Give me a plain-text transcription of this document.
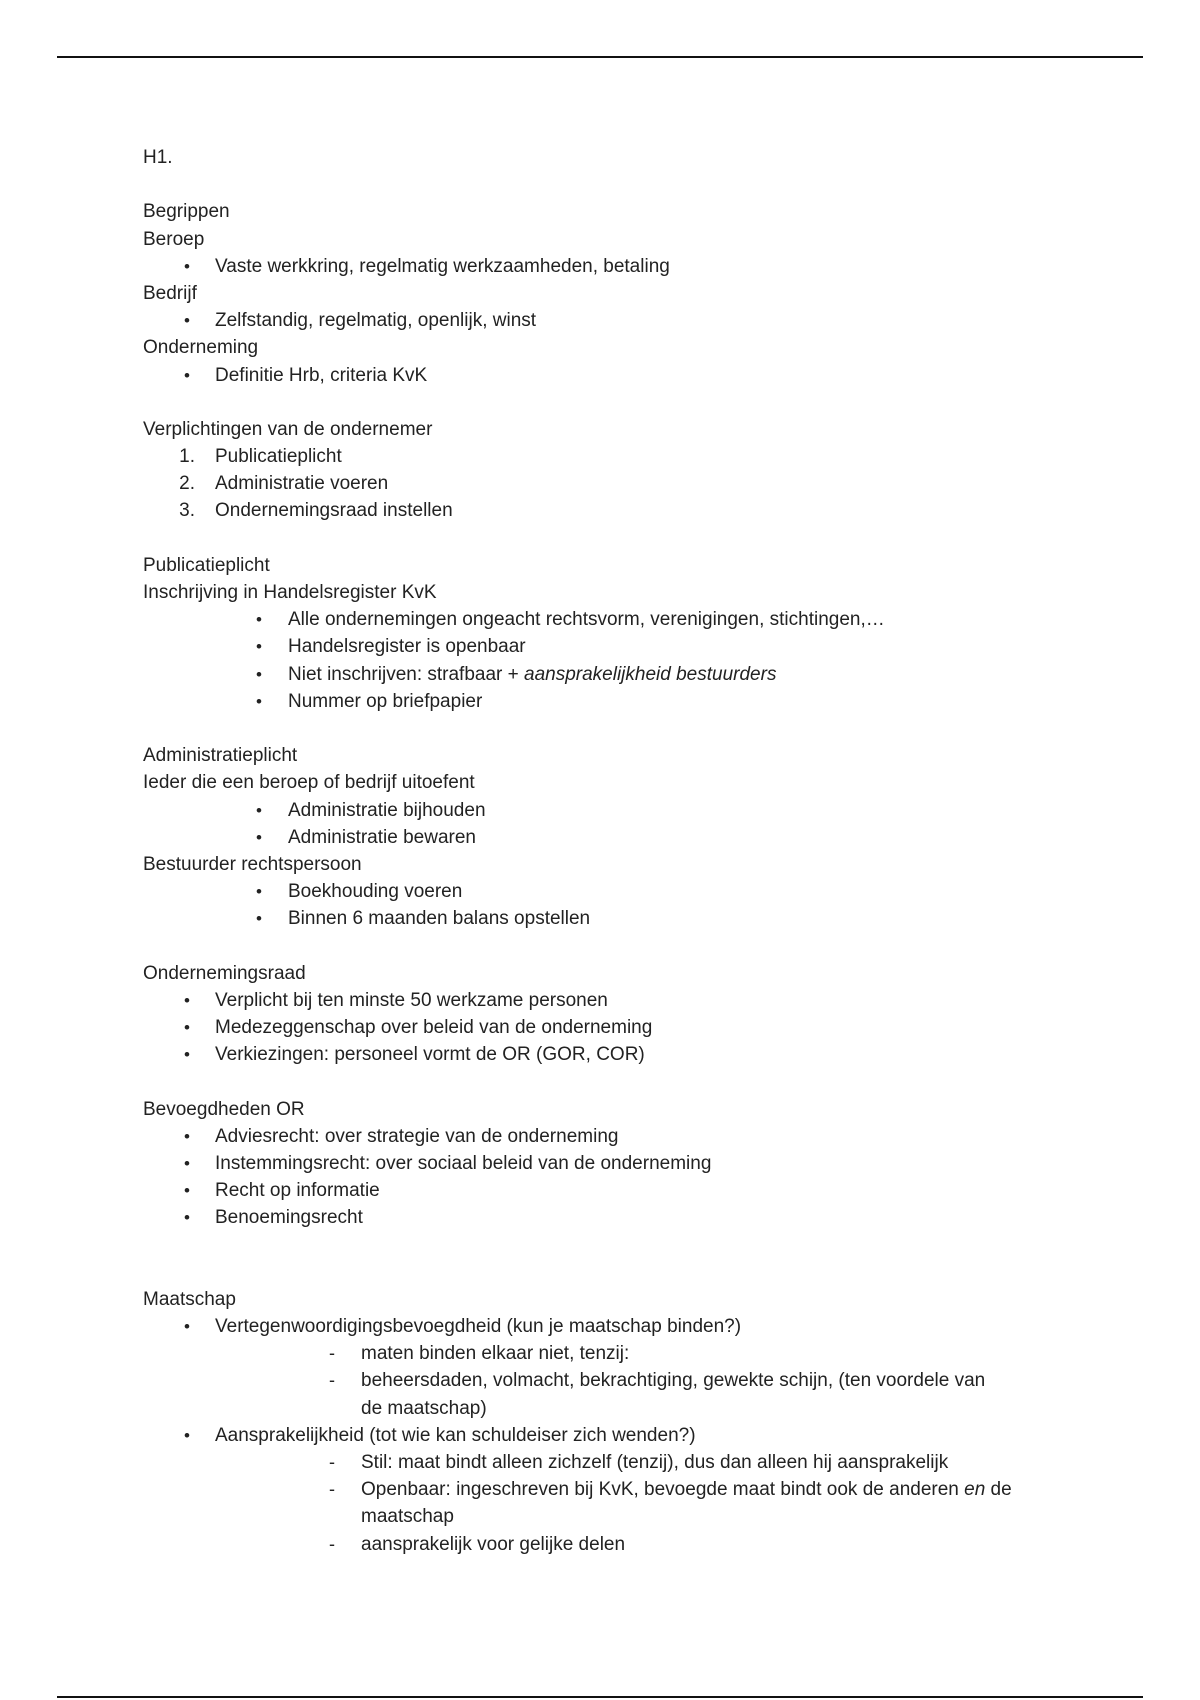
H1.
Begrippen
Beroep
•	Vaste werkkring, regelmatig werkzaamheden, betaling
Bedrijf
•	Zelfstandig, regelmatig, openlijk, winst
Onderneming
•	Definitie Hrb, criteria KvK
Verplichtingen van de ondernemer
1. Publicatieplicht
2. Administratie voeren
3. Ondernemingsraad instellen
Publicatieplicht
Inschrijving in Handelsregister KvK
•	Alle ondernemingen ongeacht rechtsvorm, verenigingen, stichtingen,…
•	Handelsregister is openbaar
•	Niet inschrijven: strafbaar + aansprakelijkheid bestuurders
•	Nummer op briefpapier
Administratieplicht
Ieder die een beroep of bedrijf uitoefent
•	Administratie bijhouden
•	Administratie bewaren
Bestuurder rechtspersoon
•	Boekhouding voeren
•	Binnen 6 maanden balans opstellen
Ondernemingsraad
•	Verplicht bij ten minste 50 werkzame personen
•	Medezeggenschap over beleid van de onderneming
•	Verkiezingen: personeel vormt de OR (GOR, COR)
Bevoegdheden OR
•	Adviesrecht: over strategie van de onderneming
•	Instemmingsrecht: over sociaal beleid van de onderneming
•	Recht op informatie
•	Benoemingsrecht
Maatschap
•	Vertegenwoordigingsbevoegdheid (kun je maatschap binden?)
-	maten binden elkaar niet, tenzij:
-	beheersdaden, volmacht, bekrachtiging, gewekte schijn, (ten voordele van
de maatschap)
•	Aansprakelijkheid (tot wie kan schuldeiser zich wenden?)
-	Stil: maat bindt alleen zichzelf (tenzij), dus dan alleen hij aansprakelijk
-	Openbaar: ingeschreven bij KvK, bevoegde maat bindt ook de anderen en de
maatschap
-	aansprakelijk voor gelijke delen
